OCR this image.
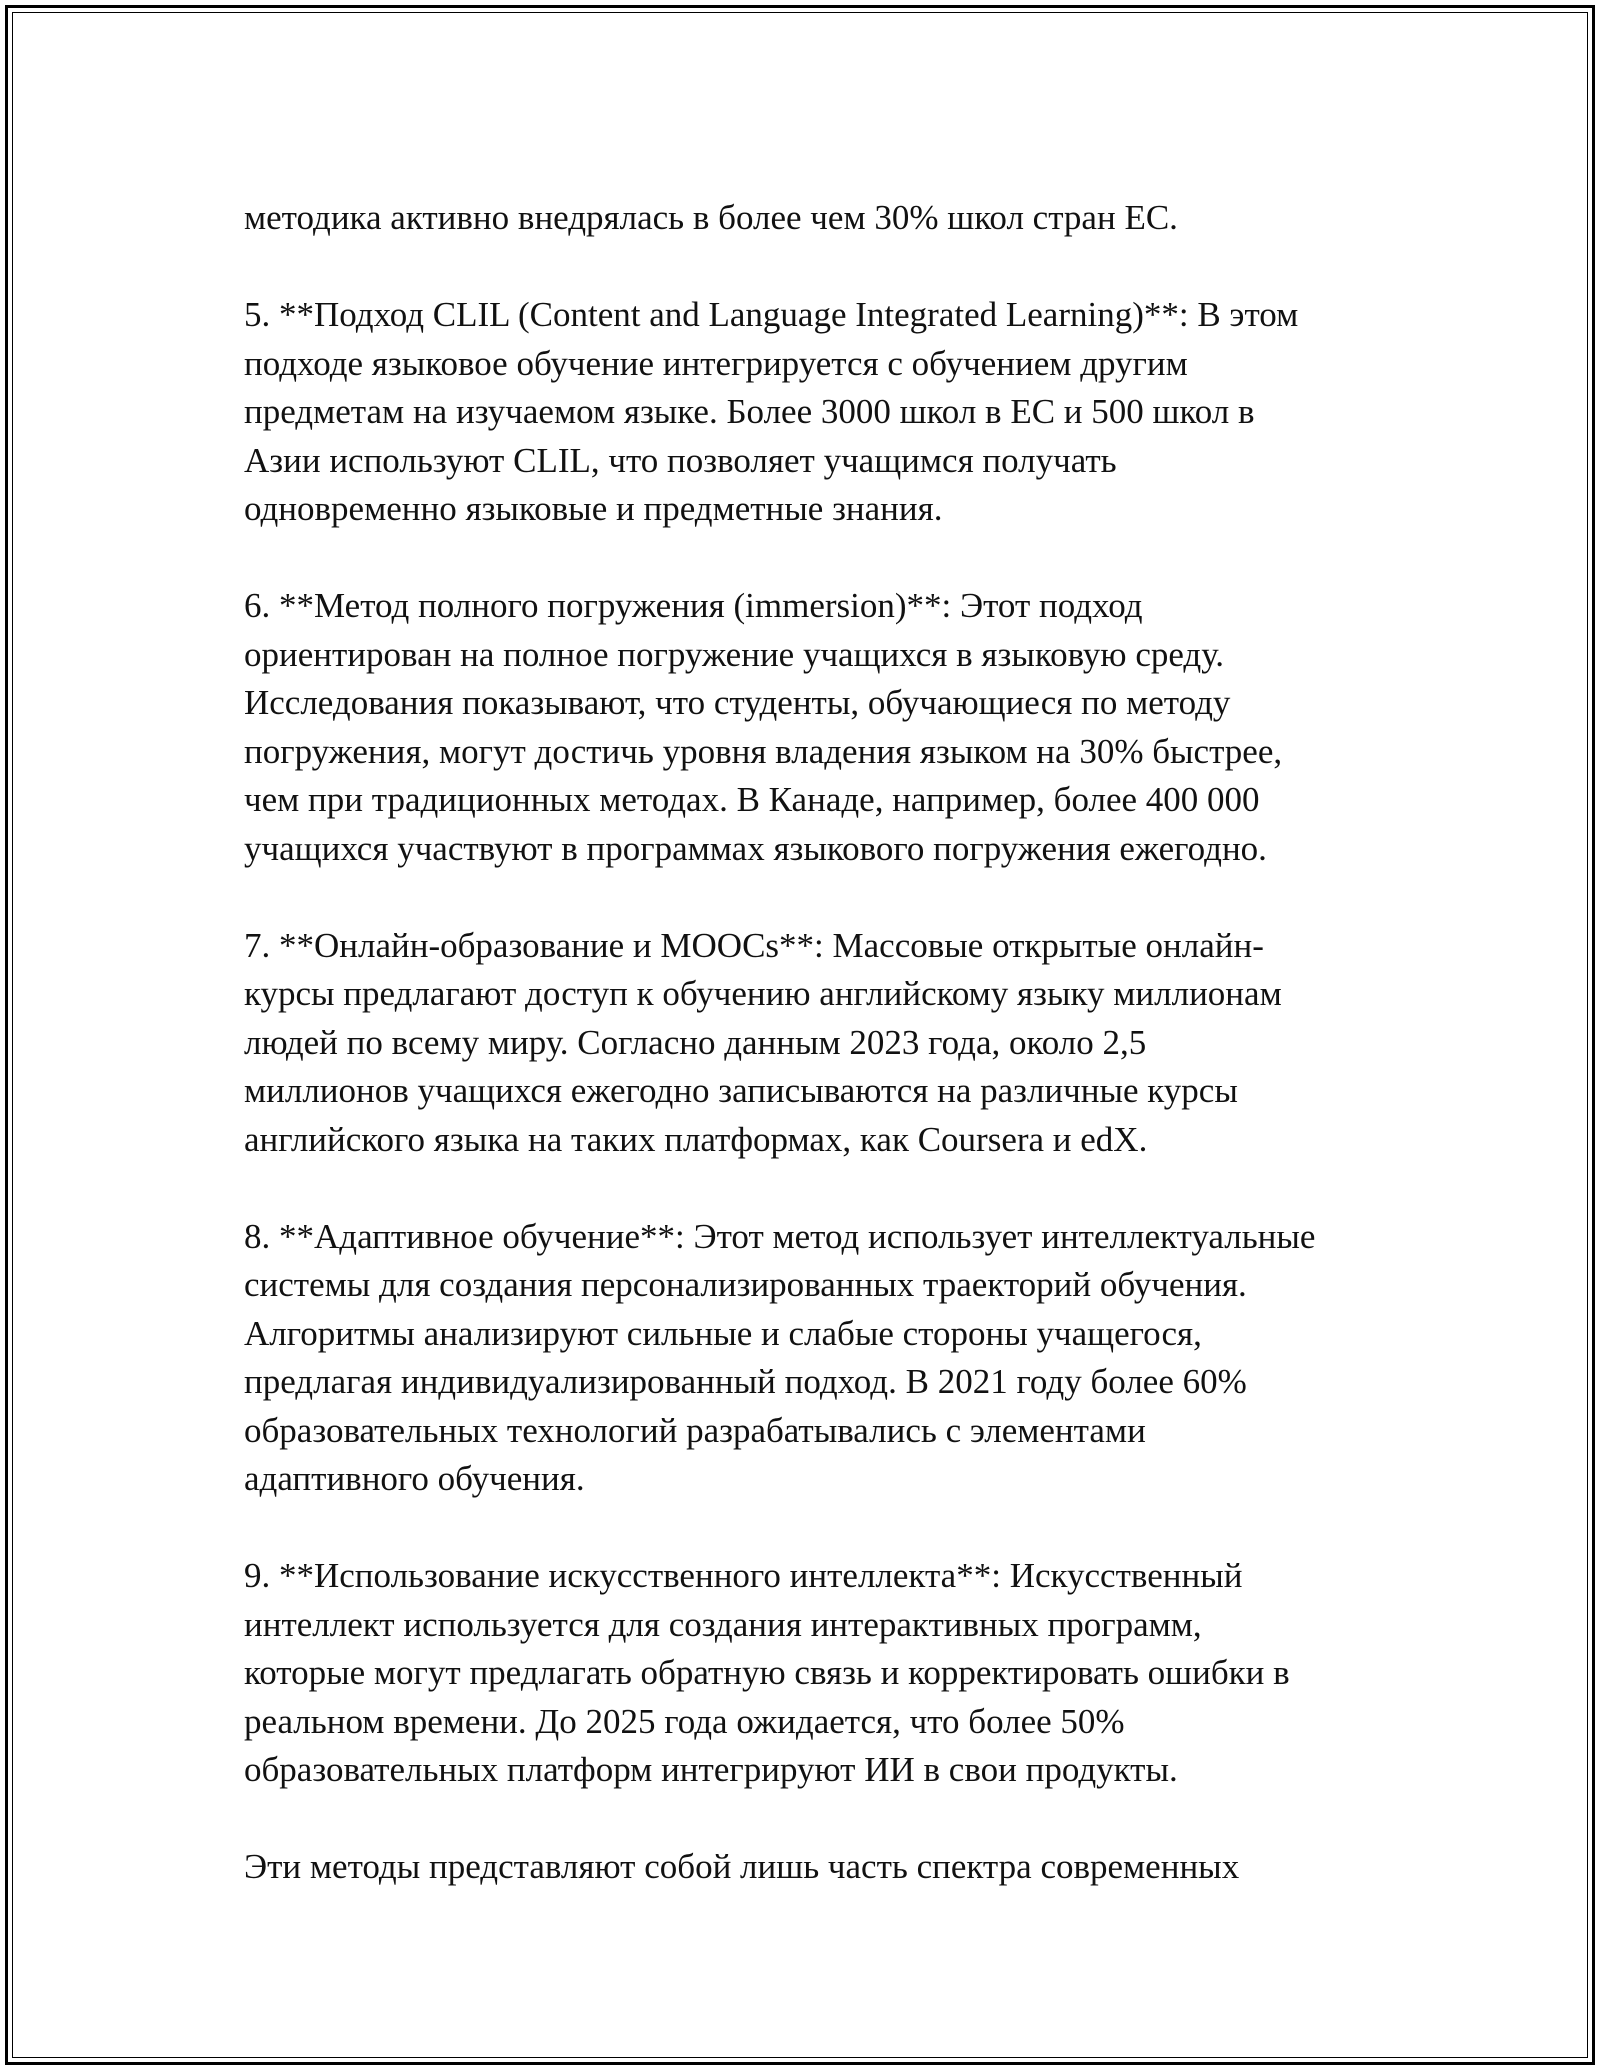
методика активно внедрялась в более чем 30% школ стран ЕС.

5. **Подход CLIL (Content and Language Integrated Learning)**: В этом
подходе языковое обучение интегрируется с обучением другим
предметам на изучаемом языке. Более 3000 школ в ЕС и 500 школ в
Азии используют CLIL, что позволяет учащимся получать
одновременно языковые и предметные знания.

6. **Метод полного погружения (immersion)**: Этот подход
ориентирован на полное погружение учащихся в языковую среду.
Исследования показывают, что студенты, обучающиеся по методу
погружения, могут достичь уровня владения языком на 30% быстрее,
чем при традиционных методах. В Канаде, например, более 400 000
учащихся участвуют в программах языкового погружения ежегодно.

7. **Онлайн-образование и MOOCs**: Массовые открытые онлайн-
курсы предлагают доступ к обучению английскому языку миллионам
людей по всему миру. Согласно данным 2023 года, около 2,5
миллионов учащихся ежегодно записываются на различные курсы
английского языка на таких платформах, как Coursera и edX.

8. **Адаптивное обучение**: Этот метод использует интеллектуальные
системы для создания персонализированных траекторий обучения.
Алгоритмы анализируют сильные и слабые стороны учащегося,
предлагая индивидуализированный подход. В 2021 году более 60%
образовательных технологий разрабатывались с элементами
адаптивного обучения.

9. **Использование искусственного интеллекта**: Искусственный
интеллект используется для создания интерактивных программ,
которые могут предлагать обратную связь и корректировать ошибки в
реальном времени. До 2025 года ожидается, что более 50%
образовательных платформ интегрируют ИИ в свои продукты.

Эти методы представляют собой лишь часть спектра современных
